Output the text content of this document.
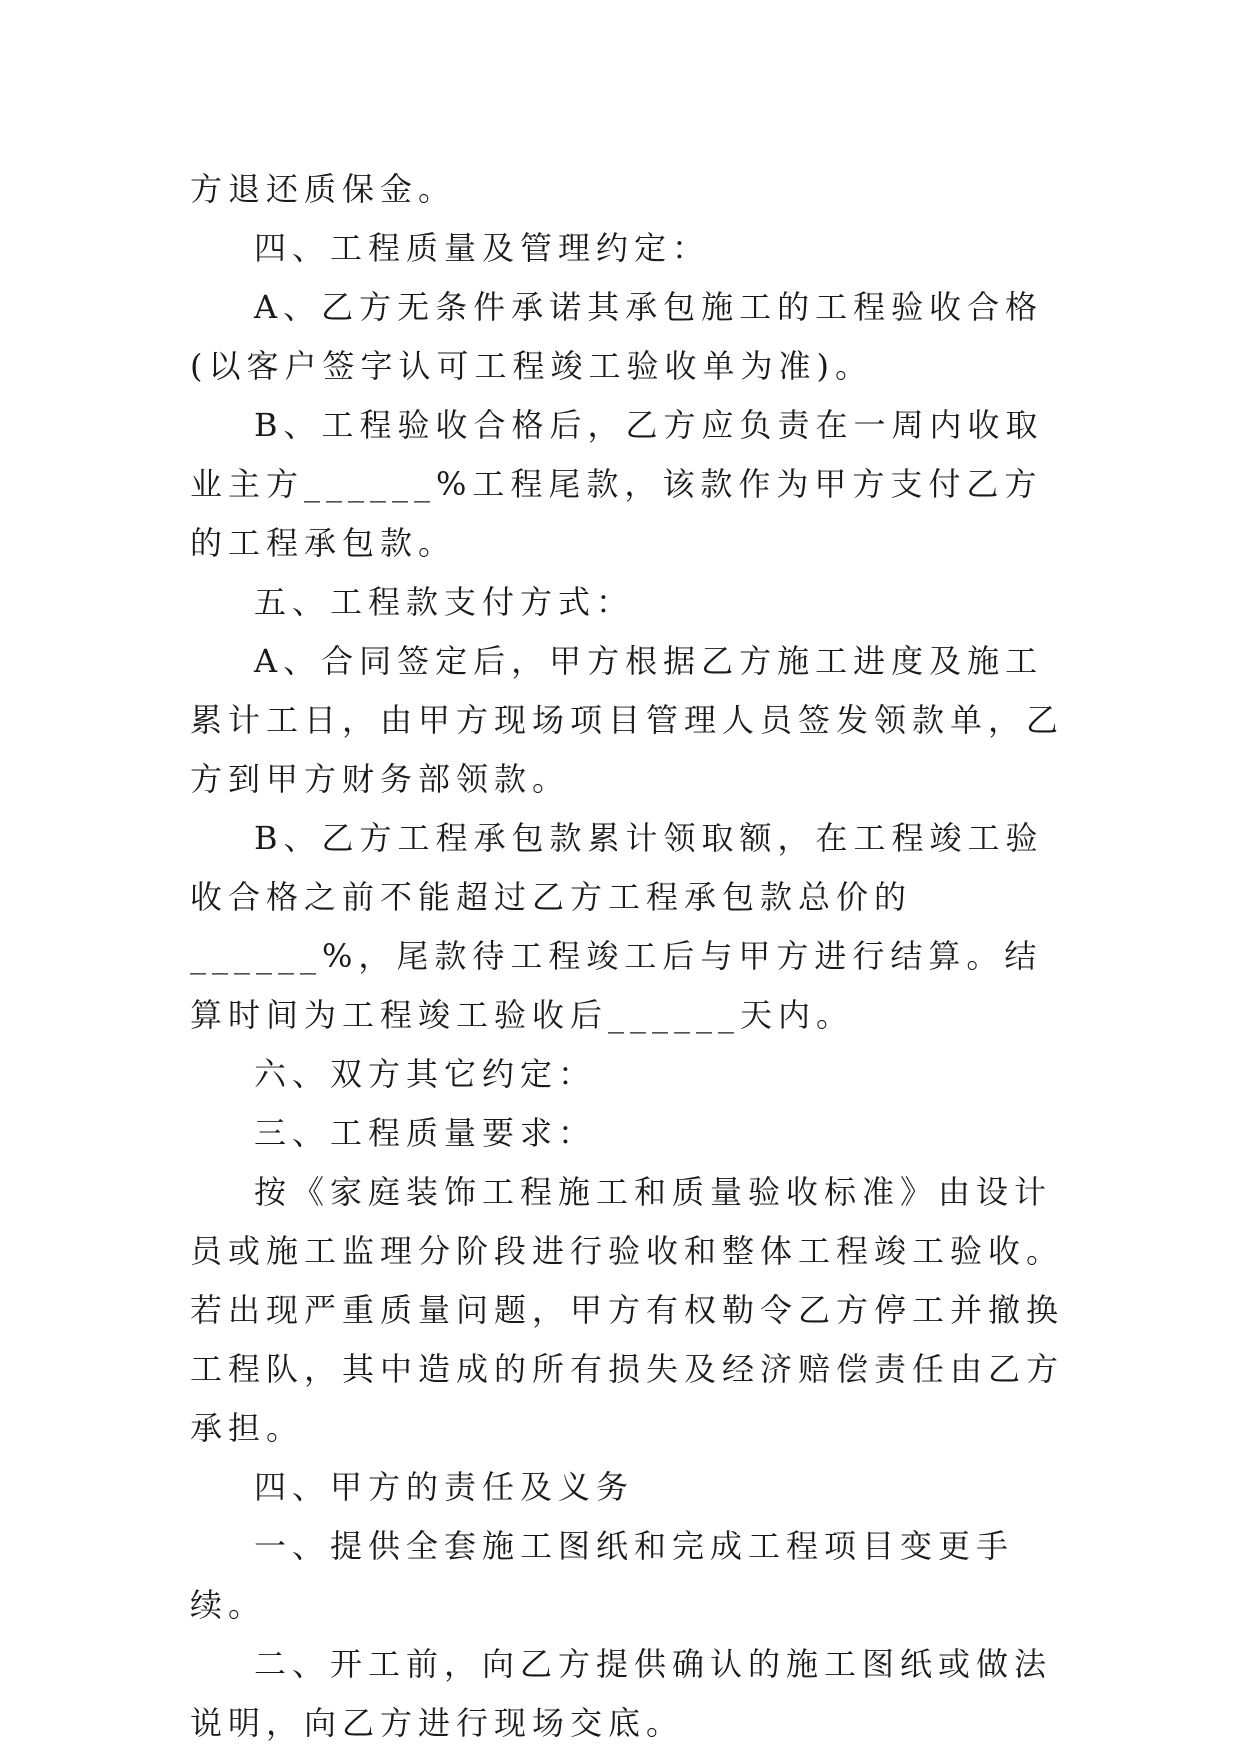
方退还质保金。

四、工程质量及管理约定：

A、乙方无条件承诺其承包施工的工程验收合格(以客户签字认可工程竣工验收单为准)。

B、工程验收合格后，乙方应负责在一周内收取业主方______%工程尾款，该款作为甲方支付乙方的工程承包款。

五、工程款支付方式：

A、合同签定后，甲方根据乙方施工进度及施工累计工日，由甲方现场项目管理人员签发领款单，乙方到甲方财务部领款。

B、乙方工程承包款累计领取额，在工程竣工验收合格之前不能超过乙方工程承包款总价的______%，尾款待工程竣工后与甲方进行结算。结算时间为工程竣工验收后______天内。

六、双方其它约定：

三、工程质量要求：

按《家庭装饰工程施工和质量验收标准》由设计员或施工监理分阶段进行验收和整体工程竣工验收。若出现严重质量问题，甲方有权勒令乙方停工并撤换工程队，其中造成的所有损失及经济赔偿责任由乙方承担。

四、甲方的责任及义务

一、提供全套施工图纸和完成工程项目变更手续。

二、开工前，向乙方提供确认的施工图纸或做法说明，向乙方进行现场交底。
